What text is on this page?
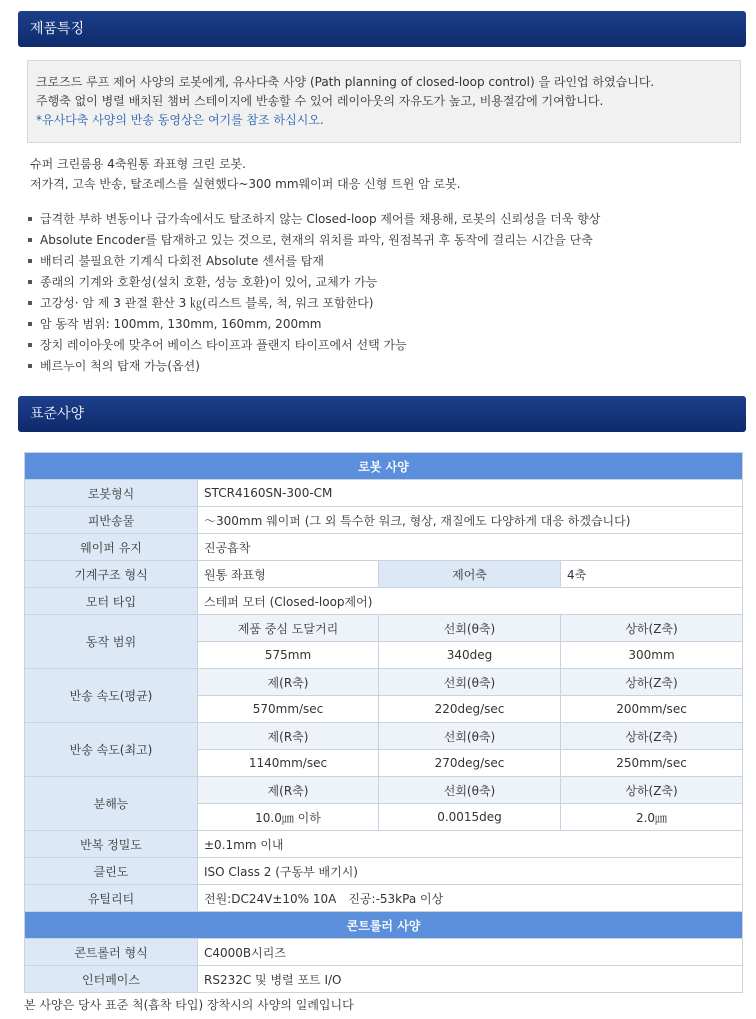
제품특징
크로즈드 루프 제어 사양의 로봇에게, 유사다축 사양 (Path planning of closed-loop control) 을 라인업 하였습니다.
주행축 없이 병렬 배치된 챔버 스테이지에 반송할 수 있어 레이아웃의 자유도가 높고, 비용절감에 기여합니다.
*유사다축 사양의 반송 동영상은 여기를 참조 하십시오.
슈퍼 크린룸용 4축원통 좌표형 크린 로봇.
저가격, 고속 반송, 탈조레스를 실현했다~300 mm웨이퍼 대응 신형 트윈 암 로봇.
급격한 부하 변동이나 급가속에서도 탈조하지 않는 Closed-loop 제어를 채용해, 로봇의 신뢰성을 더욱 향상
Absolute Encoder를 탑재하고 있는 것으로, 현재의 위치를 파악, 원점복귀 후 동작에 걸리는 시간을 단축
배터리 불필요한 기계식 다회전 Absolute 센서를 탑재
종래의 기계와 호환성(설치 호환, 성능 호환)이 있어, 교체가 가능
고강성· 암 제 3 관절 환산 3 ㎏(리스트 블록, 척, 워크 포함한다)
암 동작 범위: 100mm, 130mm, 160mm, 200mm
장치 레이아웃에 맞추어 베이스 타이프과 플랜지 타이프에서 선택 가능
베르누이 척의 탑재 가능(옵션)
표준사양
로봇 사양			
로봇형식	STCR4160SN-300-CM		
피반송물	～300mm 웨이퍼 (그 외 특수한 워크, 형상, 재질에도 다양하게 대응 하겠습니다)		
웨이퍼 유지	진공흡착		
기계구조 형식	원통 좌표형	제어축	4축
모터 타입	스테퍼 모터 (Closed-loop제어)		
동작 범위	제품 중심 도달거리	선회(θ축)	상하(Z축)
	575mm	340deg	300mm
반송 속도(평균)	제(R축)	선회(θ축)	상하(Z축)
	570mm/sec	220deg/sec	200mm/sec
반송 속도(최고)	제(R축)	선회(θ축)	상하(Z축)
	1140mm/sec	270deg/sec	250mm/sec
분해능	제(R축)	선회(θ축)	상하(Z축)
	10.0㎛ 이하	0.0015deg	2.0㎛
반복 정밀도	±0.1mm 이내		
클린도	ISO Class 2 (구동부 배기시)		
유틸리티	전원:DC24V±10% 10A　진공:-53kPa 이상		
콘트롤러 사양			
콘트롤러 형식	C4000B시리즈		
인터페이스	RS232C 및 병렬 포트 I/O		
본 사양은 당사 표준 척(흡착 타입) 장착시의 사양의 일례입니다
